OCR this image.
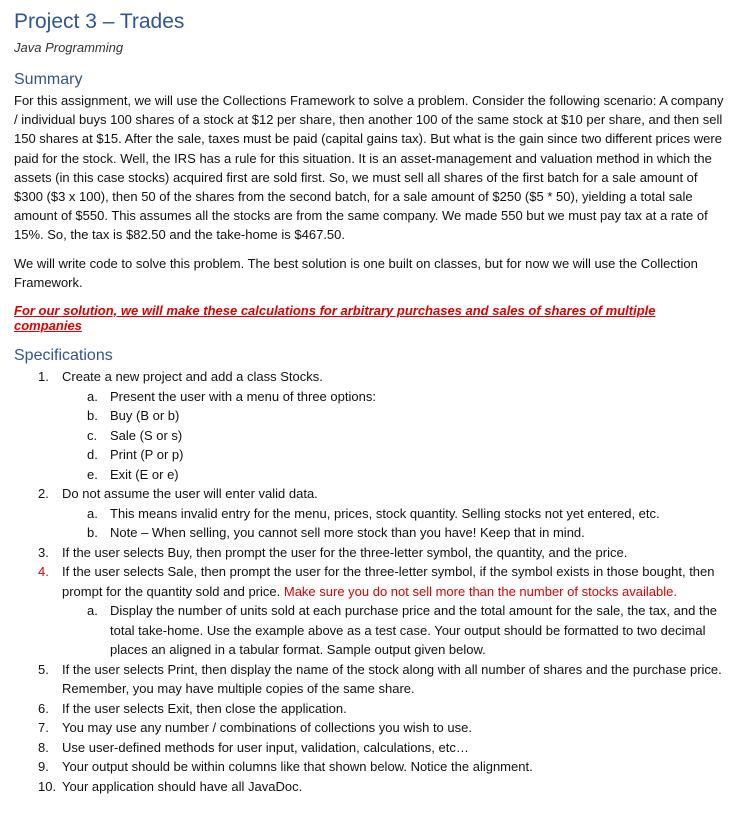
Project 3 – Trades
Java Programming
Summary

For this assignment, we will use the Collections Framework to solve a problem. Consider the following scenario: A company / individual buys 100 shares of a stock at $12 per share, then another 100 of the same stock at $10 per share, and then sell 150 shares at $15. After the sale, taxes must be paid (capital gains tax). But what is the gain since two different prices were paid for the stock. Well, the IRS has a rule for this situation. It is an asset-management and valuation method in which the assets (in this case stocks) acquired first are sold first. So, we must sell all shares of the first batch for a sale amount of $300 ($3 x 100), then 50 of the shares from the second batch, for a sale amount of $250 ($5 * 50), yielding a total sale amount of $550. This assumes all the stocks are from the same company. We made 550 but we must pay tax at a rate of 15%. So, the tax is $82.50 and the take-home is $467.50.

We will write code to solve this problem. The best solution is one built on classes, but for now we will use the Collection Framework.

For our solution, we will make these calculations for arbitrary purchases and sales of shares of multiple companies
Specifications
1. Create a new project and add a class Stocks.
a. Present the user with a menu of three options:
b. Buy (B or b)
c. Sale (S or s)
d. Print (P or p)
e. Exit (E or e)
2. Do not assume the user will enter valid data.
a. This means invalid entry for the menu, prices, stock quantity. Selling stocks not yet entered, etc.
b. Note – When selling, you cannot sell more stock than you have! Keep that in mind.
3. If the user selects Buy, then prompt the user for the three-letter symbol, the quantity, and the price.
4. If the user selects Sale, then prompt the user for the three-letter symbol, if the symbol exists in those bought, then prompt for the quantity sold and price. Make sure you do not sell more than the number of stocks available.
a. Display the number of units sold at each purchase price and the total amount for the sale, the tax, and the total take-home. Use the example above as a test case. Your output should be formatted to two decimal places an aligned in a tabular format. Sample output given below.
5. If the user selects Print, then display the name of the stock along with all number of shares and the purchase price. Remember, you may have multiple copies of the same share.
6. If the user selects Exit, then close the application.
7. You may use any number / combinations of collections you wish to use.
8. Use user-defined methods for user input, validation, calculations, etc…
9. Your output should be within columns like that shown below. Notice the alignment.
10. Your application should have all JavaDoc.
